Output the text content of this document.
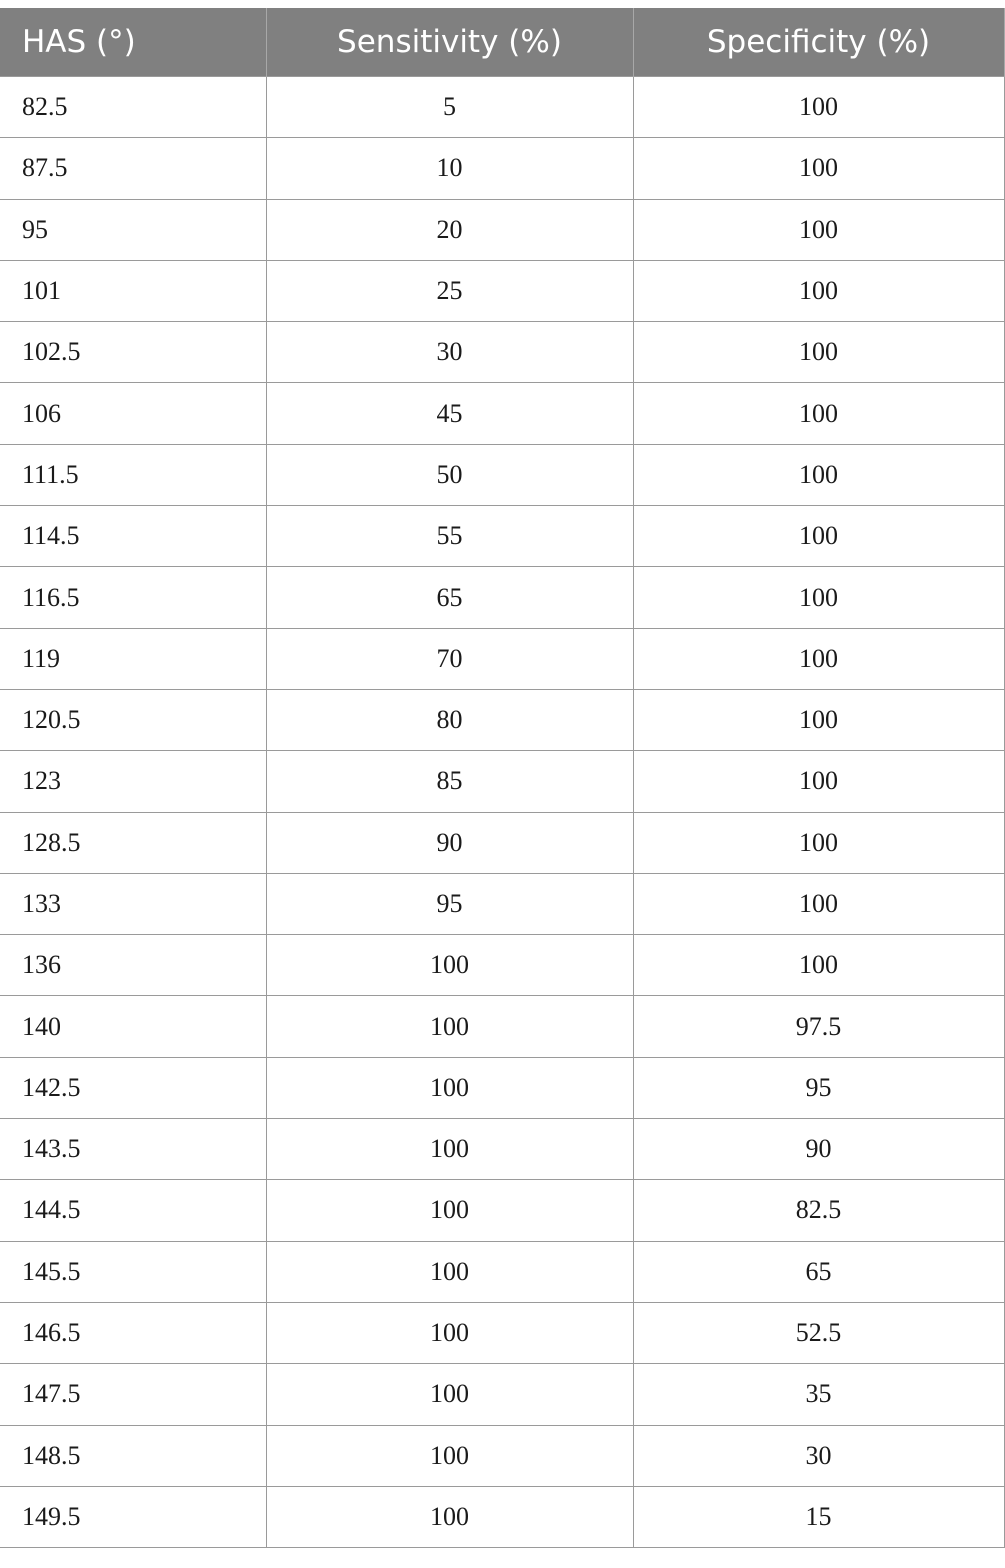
HAS (°)	Sensitivity (%)	Specificity (%)
82.5	5	100
87.5	10	100
95	20	100
101	25	100
102.5	30	100
106	45	100
111.5	50	100
114.5	55	100
116.5	65	100
119	70	100
120.5	80	100
123	85	100
128.5	90	100
133	95	100
136	100	100
140	100	97.5
142.5	100	95
143.5	100	90
144.5	100	82.5
145.5	100	65
146.5	100	52.5
147.5	100	35
148.5	100	30
149.5	100	15
